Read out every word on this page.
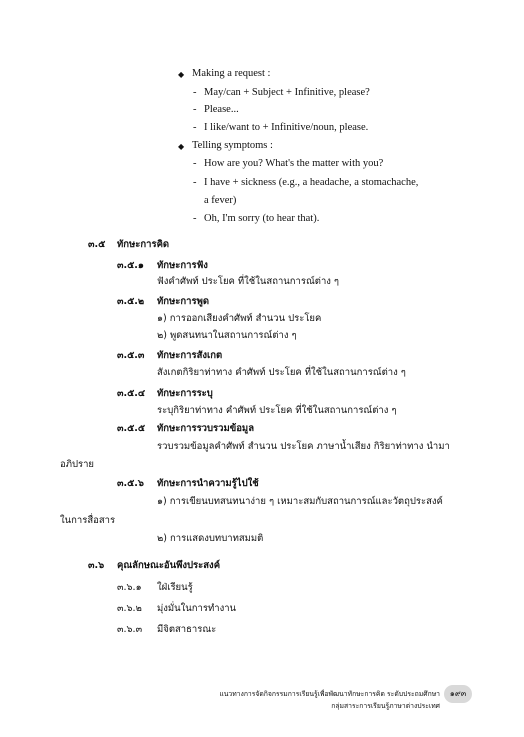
◆ Making a request :
- May/can + Subject + Infinitive, please?
- Please...
- I like/want to + Infinitive/noun, please.
◆ Telling symptoms :
- How are you? What's the matter with you?
- I have + sickness (e.g., a headache, a stomachache,
a fever)
- Oh, I'm sorry (to hear that).
๓.๕ ทักษะการคิด
๓.๕.๑ ทักษะการฟัง
ฟังคำศัพท์ ประโยค ที่ใช้ในสถานการณ์ต่าง ๆ
๓.๕.๒ ทักษะการพูด
๑) การออกเสียงคำศัพท์ สำนวน ประโยค
๒) พูดสนทนาในสถานการณ์ต่าง ๆ
๓.๕.๓ ทักษะการสังเกต
สังเกตกิริยาท่าทาง คำศัพท์ ประโยค ที่ใช้ในสถานการณ์ต่าง ๆ
๓.๕.๔ ทักษะการระบุ
ระบุกิริยาท่าทาง คำศัพท์ ประโยค ที่ใช้ในสถานการณ์ต่าง ๆ
๓.๕.๕ ทักษะการรวบรวมข้อมูล
รวบรวมข้อมูลคำศัพท์ สำนวน ประโยค ภาษาน้ำเสียง กิริยาท่าทาง นำมา
อภิปราย
๓.๕.๖ ทักษะการนำความรู้ไปใช้
๑) การเขียนบทสนทนาง่าย ๆ เหมาะสมกับสถานการณ์และวัตถุประสงค์
ในการสื่อสาร
๒) การแสดงบทบาทสมมติ
๓.๖ คุณลักษณะอันพึงประสงค์
๓.๖.๑ ใฝ่เรียนรู้
๓.๖.๒ มุ่งมั่นในการทำงาน
๓.๖.๓ มีจิตสาธารณะ
แนวทางการจัดกิจกรรมการเรียนรู้เพื่อพัฒนาทักษะการคิด ระดับประถมศึกษา
กลุ่มสาระการเรียนรู้ภาษาต่างประเทศ
๑๙๓
